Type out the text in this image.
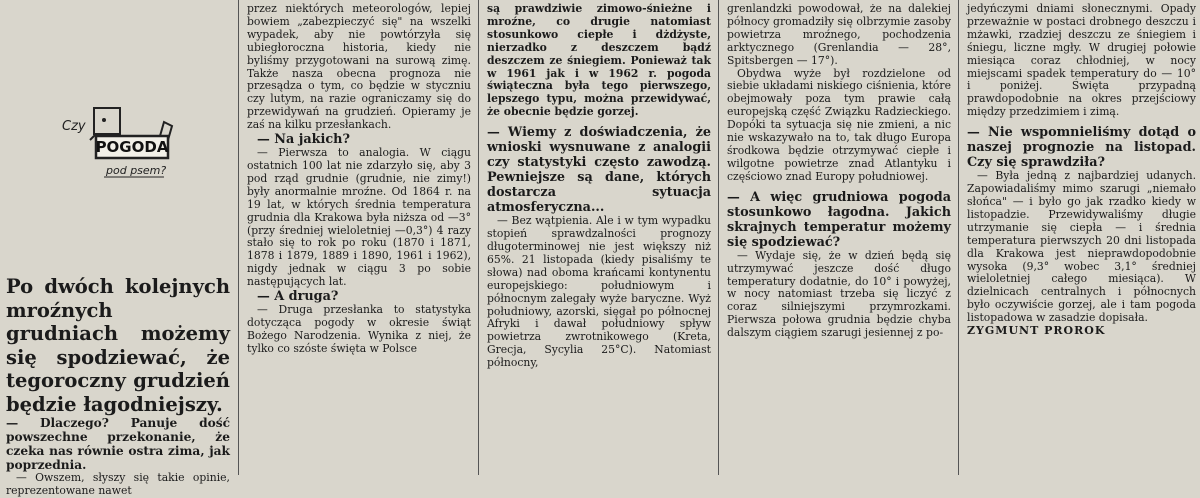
Po dwóch kolejnych mroźnych grudniach możemy się spodziewać, że tegoroczny grudzień będzie łagodniejszy.

— Dlaczego? Panuje dość powszechne przekonanie, że czeka nas równie ostra zima, jak poprzednia.

— Owszem, słyszy się takie opinie, reprezentowane nawet

Czy
POGODA
pod psem?

przez niektórych meteorologów, lepiej bowiem „zabezpieczyć się" na wszelki wypadek, aby nie powtórzyła się ubiegłoroczna historia, kiedy nie byliśmy przygotowani na surową zimę. Także nasza obecna prognoza nie przesądza o tym, co będzie w styczniu czy lutym, na razie ograniczamy się do przewidywań na grudzień. Opieramy je zaś na kilku przesłankach.

— Na jakich?

— Pierwsza to analogia. W ciągu ostatnich 100 lat nie zdarzyło się, aby 3 pod rząd grudnie (grudnie, nie zimy!) były anormalnie mroźne. Od 1864 r. na 19 lat, w których średnia temperatura grudnia dla Krakowa była niższa od —3° (przy średniej wieloletniej —0,3°) 4 razy stało się to rok po roku (1870 i 1871, 1878 i 1879, 1889 i 1890, 1961 i 1962), nigdy jednak w ciągu 3 po sobie następujących lat.

— A druga?

— Druga przesłanka to statystyka dotycząca pogody w okresie świąt Bożego Narodzenia. Wynika z niej, że tylko co szóste święta w Polsce

są prawdziwie zimowo-śnieżne i mroźne, co drugie natomiast stosunkowo ciepłe i dżdżyste, nierzadko z deszczem bądź deszczem ze śniegiem. Ponieważ tak w 1961 jak i w 1962 r. pogoda świąteczna była tego pierwszego, lepszego typu, można przewidywać, że obecnie będzie gorzej.

— Wiemy z doświadczenia, że wnioski wysnuwane z analogii czy statystyki często zawodzą. Pewniejsze są dane, których dostarcza sytuacja atmosferyczna...

— Bez wątpienia. Ale i w tym wypadku stopień sprawdzalności prognozy długoterminowej nie jest większy niż 65%. 21 listopada (kiedy pisaliśmy te słowa) nad oboma krańcami kontynentu europejskiego: południowym i północnym zalegały wyże baryczne. Wyż południowy, azorski, sięgał po północnej Afryki i dawał południowy spływ powietrza zwrotnikowego (Kreta, Grecja, Sycylia 25°C). Natomiast północny,

grenlandzki powodował, że na dalekiej północy gromadziły się olbrzymie zasoby powietrza mroźnego, pochodzenia arktycznego (Grenlandia — 28°, Spitsbergen — 17°).

Obydwa wyże był rozdzielone od siebie układami niskiego ciśnienia, które obejmowały poza tym prawie całą europejską część Związku Radzieckiego. Dopóki ta sytuacja się nie zmieni, a nic nie wskazywało na to, tak długo Europa środkowa będzie otrzymywać ciepłe i wilgotne powietrze znad Atlantyku i częściowo znad Europy południowej.

— A więc grudniowa pogoda stosunkowo łagodna. Jakich skrajnych temperatur możemy się spodziewać?

— Wydaje się, że w dzień będą się utrzymywać jeszcze dość długo temperatury dodatnie, do 10° i powyżej, w nocy natomiast trzeba się liczyć z coraz silniejszymi przymrozkami. Pierwsza połowa grudnia będzie chyba dalszym ciągiem szarugi jesiennej z po-

jedyńczymi dniami słonecznymi. Opady przeważnie w postaci drobnego deszczu i mżawki, rzadziej deszczu ze śniegiem i śniegu, liczne mgły. W drugiej połowie miesiąca coraz chłodniej, w nocy miejscami spadek temperatury do — 10° i poniżej. Święta przypadną prawdopodobnie na okres przejściowy między przedzimiem i zimą.

— Nie wspomnieliśmy dotąd o naszej prognozie na listopad. Czy się sprawdziła?

— Była jedną z najbardziej udanych. Zapowiadaliśmy mimo szarugi „niemało słońca" — i było go jak rzadko kiedy w listopadzie. Przewidywaliśmy długie utrzymanie się ciepła — i średnia temperatura pierwszych 20 dni listopada dla Krakowa jest nieprawdopodobnie wysoka (9,3° wobec 3,1° średniej wieloletniej całego miesiąca). W dzielnicach centralnych i północnych było oczywiście gorzej, ale i tam pogoda listopadowa w zasadzie dopisała.

ZYGMUNT PROROK
